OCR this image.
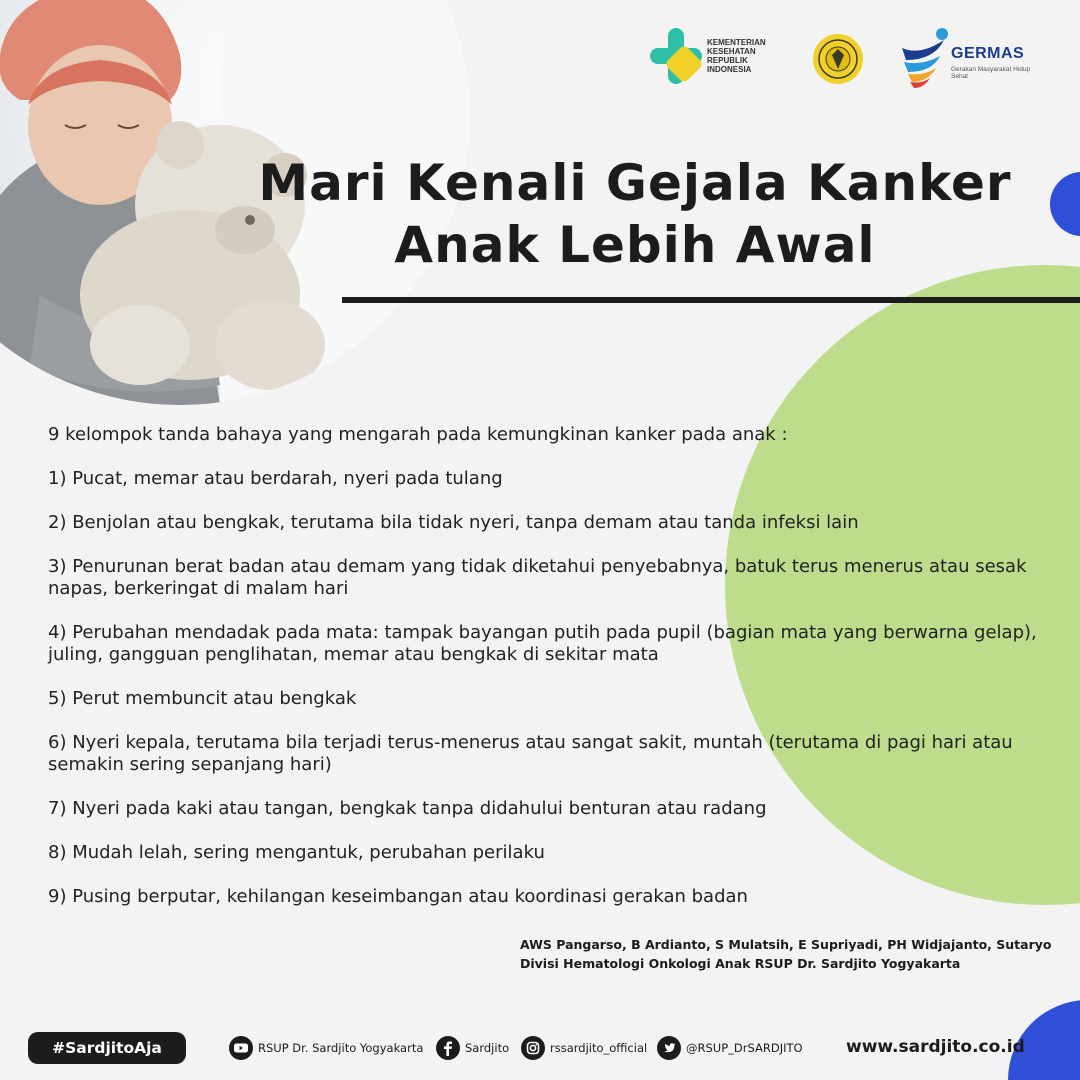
KEMENTERIAN KESEHATAN REPUBLIK INDONESIA
GERMAS
Gerakan Masyarakat Hidup Sehat
Mari Kenali Gejala Kanker
Anak Lebih Awal
9 kelompok tanda bahaya yang mengarah pada kemungkinan kanker pada anak :
1) Pucat, memar atau berdarah, nyeri pada tulang
2) Benjolan atau bengkak, terutama bila tidak nyeri, tanpa demam atau tanda infeksi lain
3) Penurunan berat badan atau demam yang tidak diketahui penyebabnya, batuk terus menerus atau sesak napas, berkeringat di malam hari
4) Perubahan mendadak pada mata: tampak bayangan putih pada pupil (bagian mata yang berwarna gelap), juling, gangguan penglihatan, memar atau bengkak di sekitar mata
5) Perut membuncit atau bengkak
6) Nyeri kepala, terutama bila terjadi terus-menerus atau sangat sakit, muntah (terutama di pagi hari atau semakin sering sepanjang hari)
7) Nyeri pada kaki atau tangan, bengkak tanpa didahului benturan atau radang
8) Mudah lelah, sering mengantuk, perubahan perilaku
9) Pusing berputar, kehilangan keseimbangan atau koordinasi gerakan badan
AWS Pangarso, B Ardianto, S Mulatsih, E Supriyadi, PH Widjajanto, Sutaryo
Divisi Hematologi Onkologi Anak RSUP Dr. Sardjito Yogyakarta
#SardjitoAja	RSUP Dr. Sardjito Yogyakarta	Sardjito	rssardjito_official	@RSUP_DrSARDJITO	www.sardjito.co.id
